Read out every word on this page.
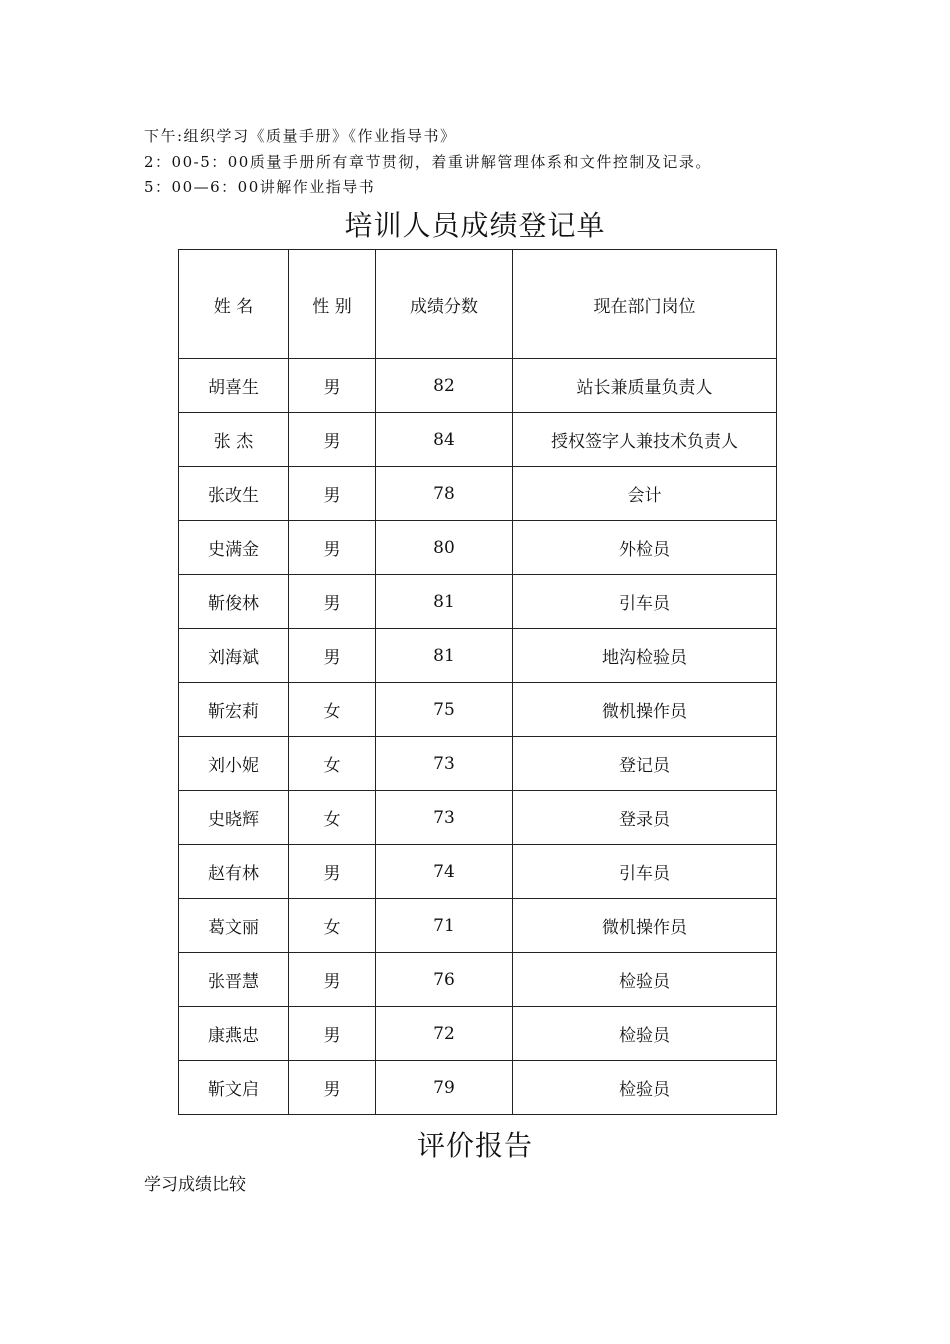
下午:组织学习《质量手册》《作业指导书》
2：00-5：00质量手册所有章节贯彻，着重讲解管理体系和文件控制及记录。
5：00—6：00讲解作业指导书
培训人员成绩登记单
姓 名	性 别	成绩分数	现在部门岗位
胡喜生	男	82	站长兼质量负责人
张 杰	男	84	授权签字人兼技术负责人
张改生	男	78	会计
史满金	男	80	外检员
靳俊林	男	81	引车员
刘海斌	男	81	地沟检验员
靳宏莉	女	75	微机操作员
刘小妮	女	73	登记员
史晓辉	女	73	登录员
赵有林	男	74	引车员
葛文丽	女	71	微机操作员
张晋慧	男	76	检验员
康燕忠	男	72	检验员
靳文启	男	79	检验员
评价报告
学习成绩比较
